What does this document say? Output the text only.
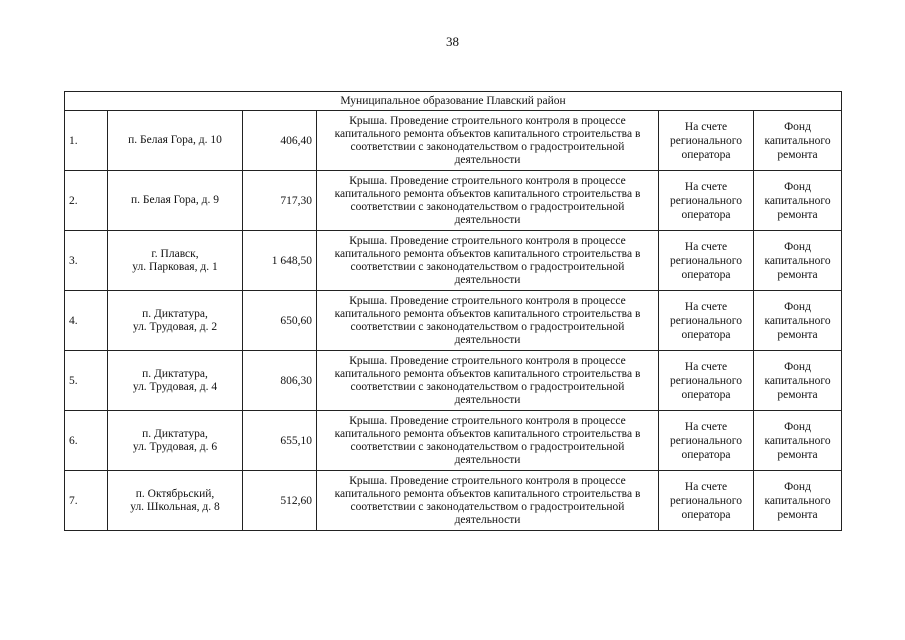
38
Муниципальное образование Плавский район					
1.	п. Белая Гора, д. 10	406,40	Крыша. Проведение строительного контроля в процессе
капитального ремонта объектов капитального строительства в
соответствии с законодательством о градостроительной
деятельности	На счете
регионального
оператора	Фонд
капитального
ремонта

2.	п. Белая Гора, д. 9	717,30	Крыша. Проведение строительного контроля в процессе
капитального ремонта объектов капитального строительства в
соответствии с законодательством о градостроительной
деятельности	На счете
регионального
оператора	Фонд
капитального
ремонта

3.	г. Плавск,
ул. Парковая, д. 1	1 648,50	Крыша. Проведение строительного контроля в процессе
капитального ремонта объектов капитального строительства в
соответствии с законодательством о градостроительной
деятельности	На счете
регионального
оператора	Фонд
капитального
ремонта

4.	п. Диктатура,
ул. Трудовая, д. 2	650,60	Крыша. Проведение строительного контроля в процессе
капитального ремонта объектов капитального строительства в
соответствии с законодательством о градостроительной
деятельности	На счете
регионального
оператора	Фонд
капитального
ремонта

5.	п. Диктатура,
ул. Трудовая, д. 4	806,30	Крыша. Проведение строительного контроля в процессе
капитального ремонта объектов капитального строительства в
соответствии с законодательством о градостроительной
деятельности	На счете
регионального
оператора	Фонд
капитального
ремонта

6.	п. Диктатура,
ул. Трудовая, д. 6	655,10	Крыша. Проведение строительного контроля в процессе
капитального ремонта объектов капитального строительства в
соответствии с законодательством о градостроительной
деятельности	На счете
регионального
оператора	Фонд
капитального
ремонта

7.	п. Октябрьский,
ул. Школьная, д. 8	512,60	Крыша. Проведение строительного контроля в процессе
капитального ремонта объектов капитального строительства в
соответствии с законодательством о градостроительной
деятельности	На счете
регионального
оператора	Фонд
капитального
ремонта
